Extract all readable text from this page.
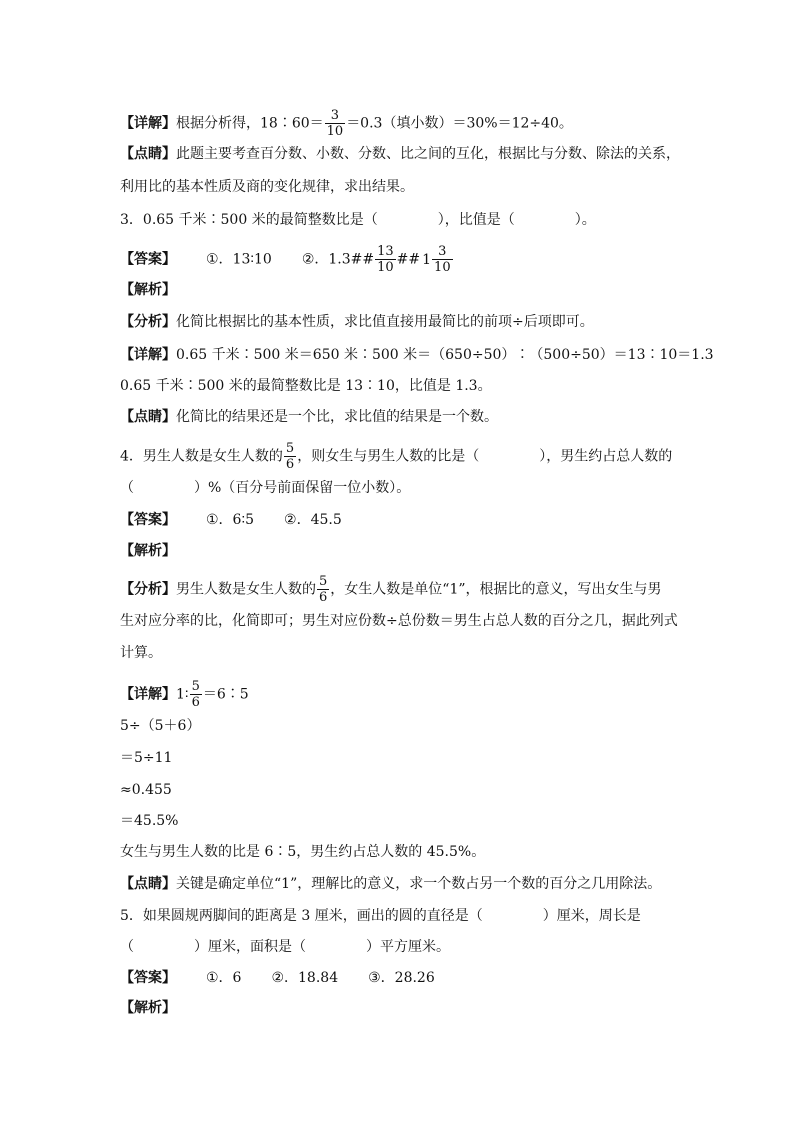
【详解】根据分析得，18∶60＝ $\frac{3}{10} =0.3$（填小数）＝30%＝12÷40。
【点睛】此题主要考查百分数、小数、分数、比之间的互化，根据比与分数、除法的关系，
利用比的基本性质及商的变化规律，求出结果。
3．0.65 千米∶500 米的最简整数比是（	），比值是（	）。
【答案】 ①．13∶10 ②．1.3## $\frac{13}{10}$ ## $1 \frac{3}{10}$
【解析】
【分析】化简比根据比的基本性质，求比值直接用最简比的前项÷后项即可。
【详解】0.65 千米∶500 米＝650 米∶500 米＝（650÷50）∶（500÷50）＝13∶10＝1.3
0.65 千米∶500 米的最简整数比是 13∶10，比值是 1.3。
【点睛】化简比的结果还是一个比，求比值的结果是一个数。
4．男生人数是女生人数的 $\frac{5}{6}$ ，则女生与男生人数的比是（	），男生约占总人数的
（	）%（百分号前面保留一位小数）。
【答案】 ①．6∶5 ②．45.5
【解析】
【分析】男生人数是女生人数的 $\frac{5}{6}$ ，女生人数是单位“1”，根据比的意义，写出女生与男
生对应分率的比，化简即可；男生对应份数÷总份数＝男生占总人数的百分之几，据此列式
计算。
【详解】1∶ $\frac{5}{6}$ ＝6∶5
5÷（5＋6）
＝5÷11
≈0.455
＝45.5%
女生与男生人数的比是 6∶5，男生约占总人数的 45.5%。
【点睛】关键是确定单位“1”，理解比的意义，求一个数占另一个数的百分之几用除法。
5．如果圆规两脚间的距离是 3 厘米，画出的圆的直径是（	）厘米，周长是
（	）厘米，面积是（	）平方厘米。
【答案】 ①．6 ②．18.84 ③．28.26
【解析】
